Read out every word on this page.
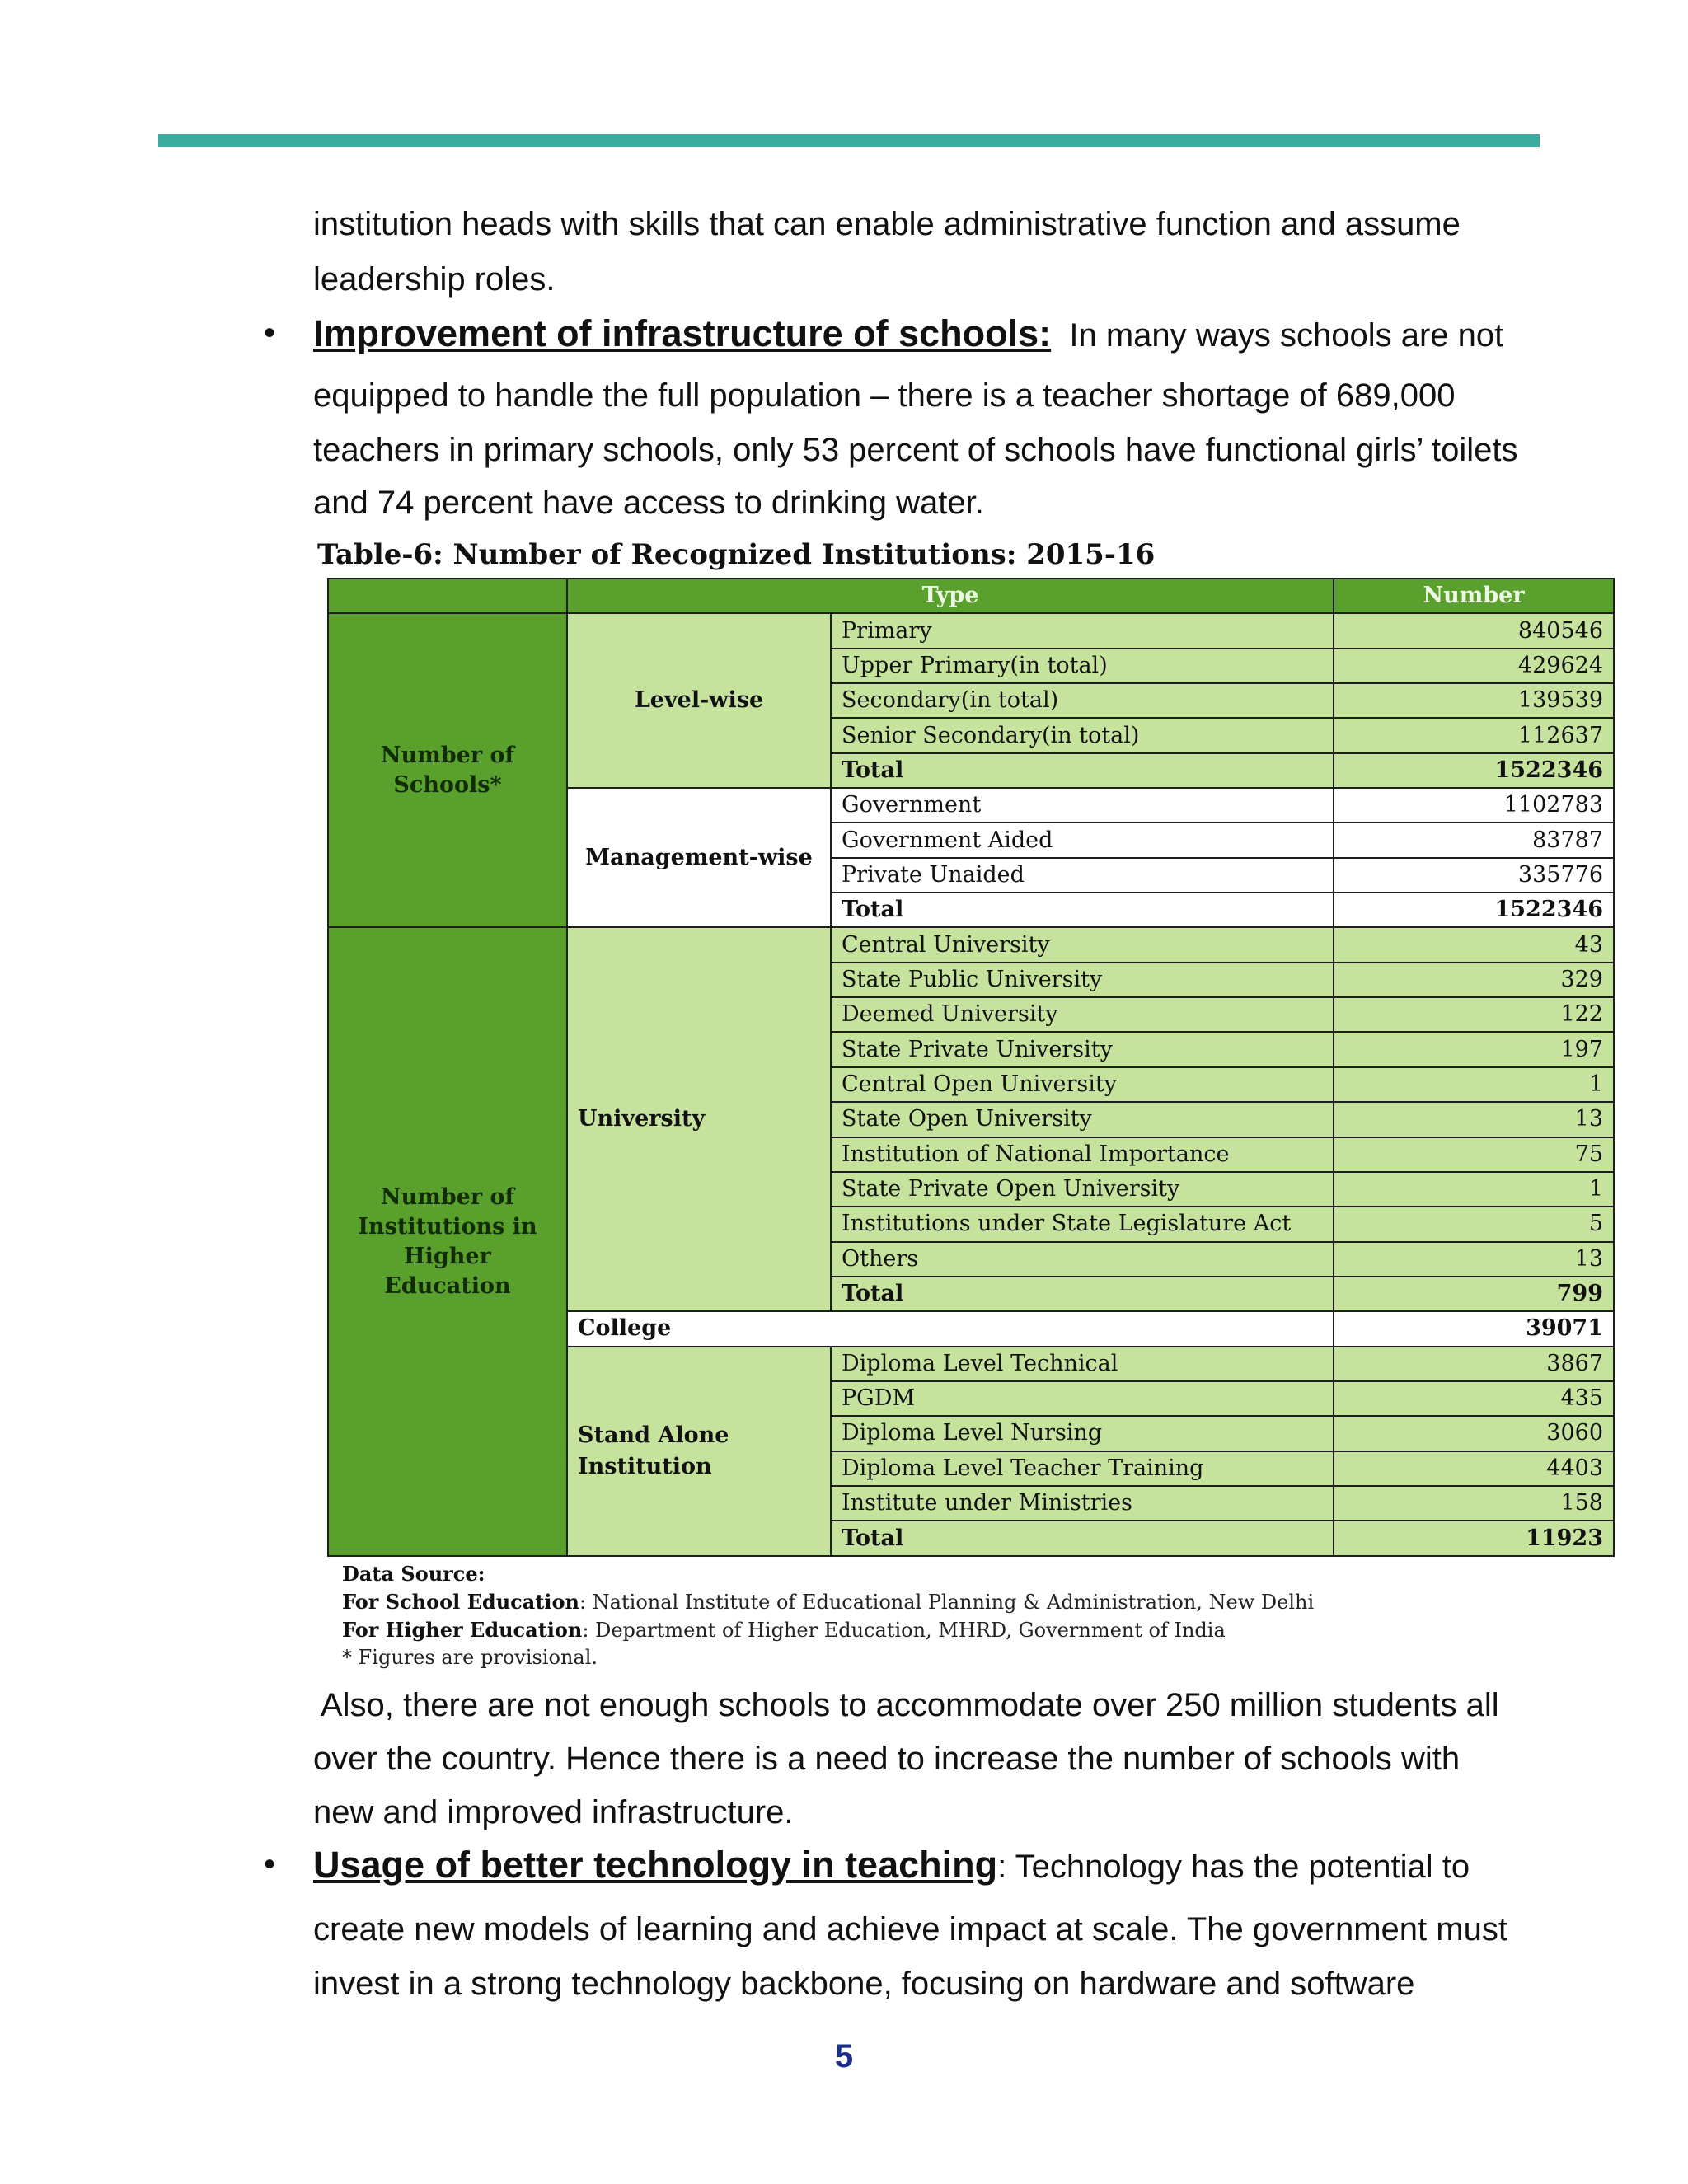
institution heads with skills that can enable administrative function and assume

leadership roles.

• Improvement of infrastructure of schools: In many ways schools are not

equipped to handle the full population – there is a teacher shortage of 689,000

teachers in primary schools, only 53 percent of schools have functional girls’ toilets

and 74 percent have access to drinking water.

Table-6: Number of Recognized Institutions: 2015-16

	Type		Number
Number of Schools*	Level-wise	Primary	840546
		Upper Primary(in total)	429624
		Secondary(in total)	139539
		Senior Secondary(in total)	112637
		Total	1522346
	Management-wise	Government	1102783
		Government Aided	83787
		Private Unaided	335776
		Total	1522346
Number of Institutions in Higher Education	University	Central University	43
		State Public University	329
		Deemed University	122
		State Private University	197
		Central Open University	1
		State Open University	13
		Institution of National Importance	75
		State Private Open University	1
		Institutions under State Legislature Act	5
		Others	13
		Total	799
	College		39071
	Stand Alone Institution	Diploma Level Technical	3867
		PGDM	435
		Diploma Level Nursing	3060
		Diploma Level Teacher Training	4403
		Institute under Ministries	158
		Total	11923
Data Source:
For School Education: National Institute of Educational Planning & Administration, New Delhi
For Higher Education: Department of Higher Education, MHRD, Government of India
* Figures are provisional.

Also, there are not enough schools to accommodate over 250 million students all

over the country. Hence there is a need to increase the number of schools with

new and improved infrastructure.

• Usage of better technology in teaching: Technology has the potential to

create new models of learning and achieve impact at scale. The government must

invest in a strong technology backbone, focusing on hardware and software

5
